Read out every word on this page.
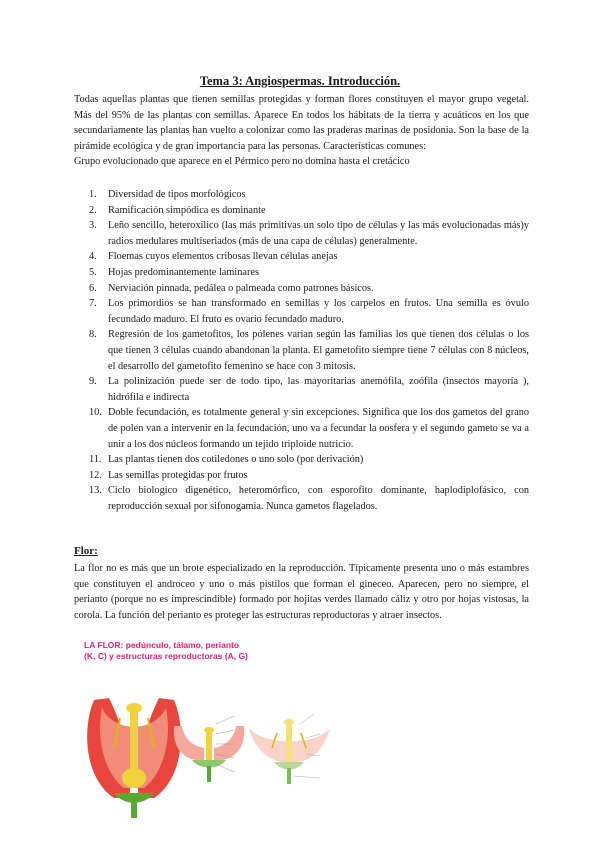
Tema 3: Angiospermas. Introducción.
Todas aquellas plantas que tienen semillas protegidas y forman flores constituyen el mayor grupo vegetal. Más del 95% de las plantas con semillas. Aparece En todos los hábitats de la tierra y acuáticos en los que secundariamente las plantas han vuelto a colonizar como las praderas marinas de posidonia. Son la base de la pirámide ecológica y de gran importancia para las personas. Características comunes:
Grupo evolucionado que aparece en el Pérmico pero no domina hasta el cretácico
1. Diversidad de tipos morfológicos
2. Ramificación simpódica es dominante
3. Leño sencillo, heteroxílico (las más primitivas un solo tipo de células y las más evolucionadas más)y radios medulares multiseriados (más de una capa de células) generalmente.
4. Floemas cuyos elementos cribosas llevan células anejas
5. Hojas predominantemente laminares
6. Nerviación pinnada, pedálea o palmeada como patrones básicos.
7. Los primordios se han transformado en semillas y los carpelos en frutos. Una semilla es óvulo fecundado maduro. El fruto es ovario fecundado maduro.
8. Regresión de los gametofitos, los pólenes varían según las familias los que tienen dos células o los que tienen 3 células cuando abandonan la planta. El gametofito siempre tiene 7 células con 8 núcleos, el desarrollo del gametofito femenino se hace con 3 mitosis.
9. La polinización puede ser de todo tipo, las mayoritarias anemófila, zoófila (insectos mayoría ), hidrófila e indirecta
10. Doble fecundación, es totalmente general y sin excepciones. Significa que los dos gametos del grano de polen van a intervenir en la fecundación, uno va a fecundar la oosfera y el segundo gameto se va a unir a los dos núcleos formando un tejido triploide nutricio.
11. Las plantas tienen dos cotiledones o uno solo (por derivación)
12. Las semillas protegidas por frutos
13. Ciclo biologico digenético, heteromórfico, con esporofito dominante, haplodiplofásico, con reproducción sexual por sifonogamia. Nunca gametos flagelados.
Flor:
La flor no es más que un brote especializado en la reproducción. Típicamente presenta uno o más estambres que constituyen el androceo y uno o más pistilos que forman el gineceo. Aparecen, pero no siempre, el perianto (porque no es imprescindible) formado por hojitas verdes llamado cáliz y otro por hojas vistosas, la corola. La función del perianto es proteger las estructuras reproductoras y atraer insectos.
LA FLOR: pedúnculo, tálamo, perianto
(K, C) y estructuras reproductoras (A, G)
